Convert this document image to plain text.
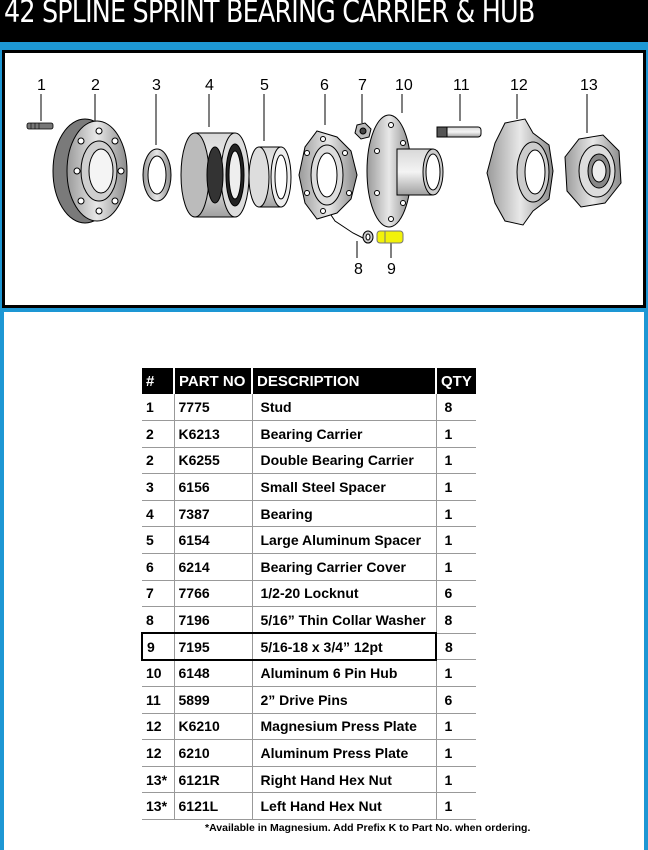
42 SPLINE SPRINT BEARING CARRIER & HUB
1	2	3	4	5	6 7 10	11	12	13
8 9
#	PART NO	DESCRIPTION	QTY
1	7775	Stud	8
2	K6213	Bearing Carrier	1
2	K6255	Double Bearing Carrier	1
3	6156	Small Steel Spacer	1
4	7387	Bearing	1
5	6154	Large Aluminum Spacer	1
6	6214	Bearing Carrier Cover	1
7	7766	1/2-20 Locknut	6
8	7196	5/16” Thin Collar Washer	8
9	7195	5/16-18 x 3/4” 12pt	8
10	6148	Aluminum 6 Pin Hub	1
11	5899	2” Drive Pins	6
12	K6210	Magnesium Press Plate	1
12	6210	Aluminum Press Plate	1
13*	6121R	Right Hand Hex Nut	1
13*	6121L	Left Hand Hex Nut	1
*Available in Magnesium. Add Prefix K to Part No. when ordering.
